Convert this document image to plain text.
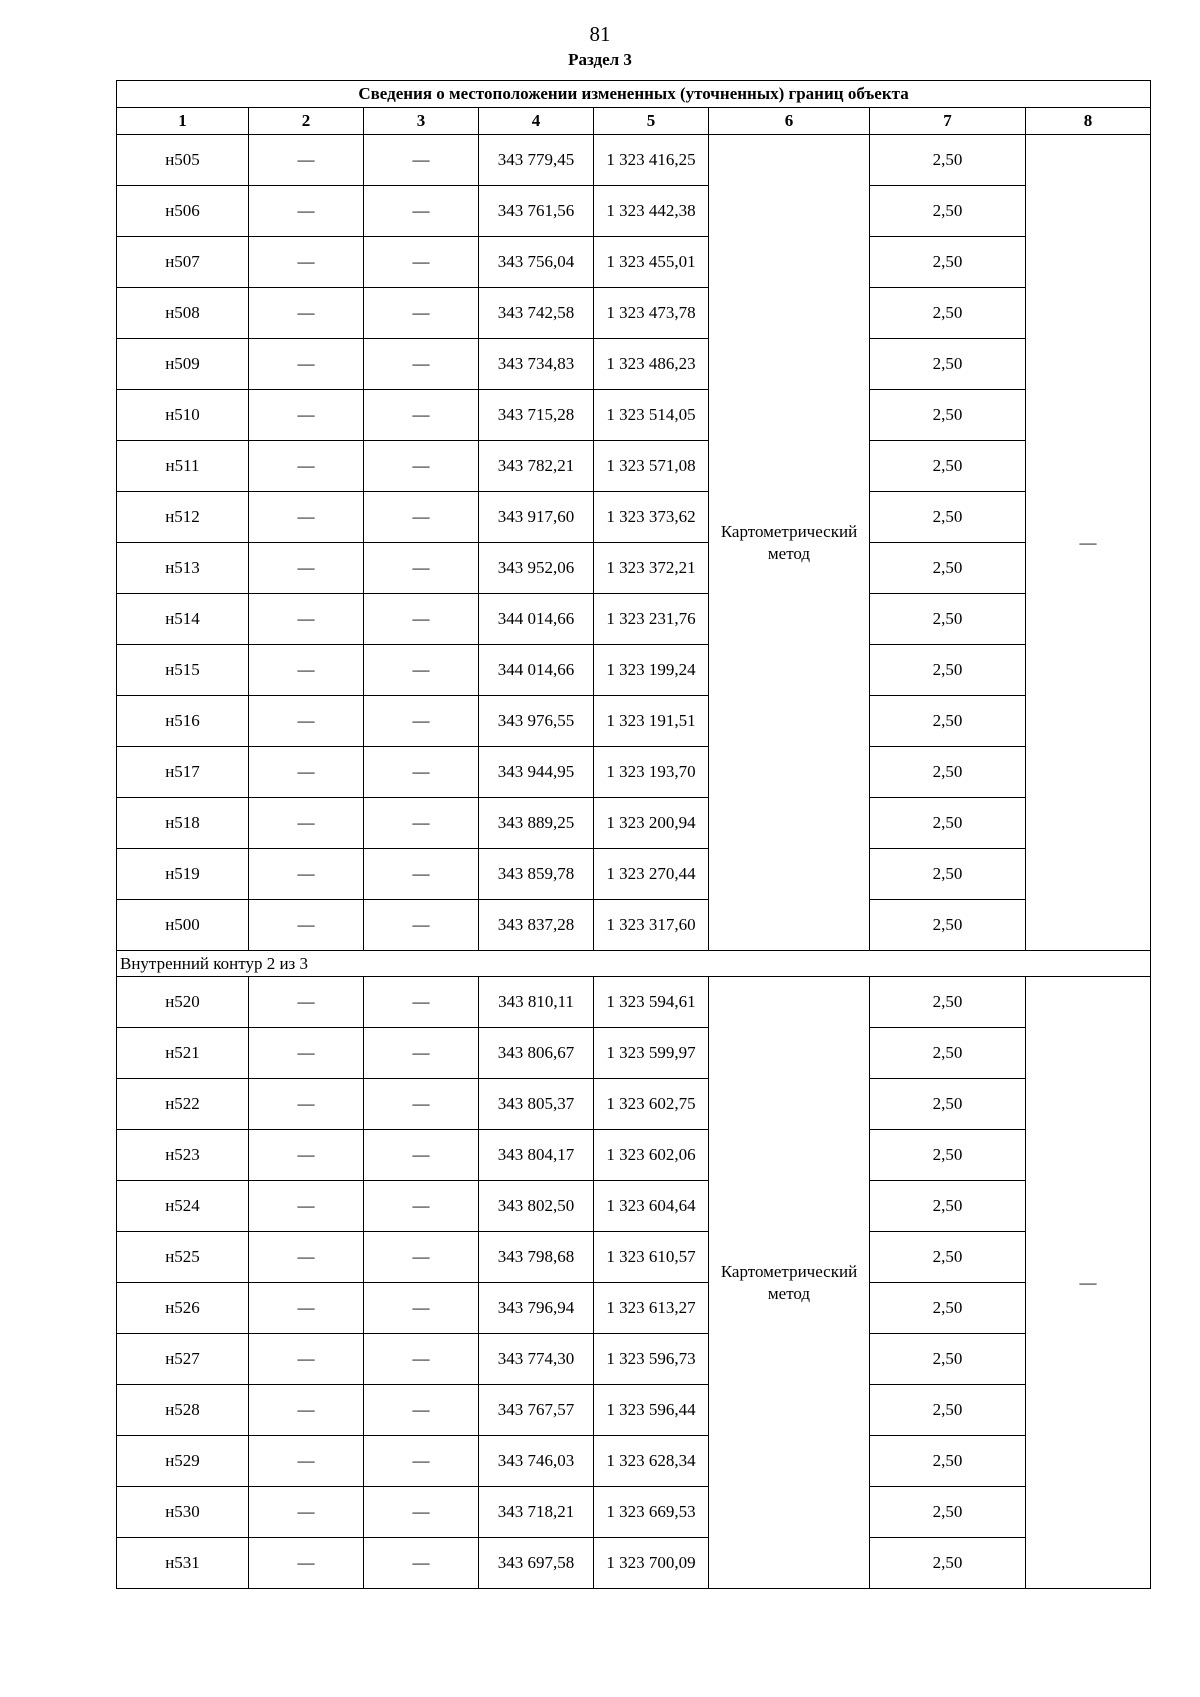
81
Раздел 3
Сведения о местоположении измененных (уточненных) границ объекта							
1	2	3	4	5	6	7	8
н505	—	—	343 779,45	1 323 416,25	Картометрический метод	2,50	—
н506	—	—	343 761,56	1 323 442,38		2,50	
н507	—	—	343 756,04	1 323 455,01		2,50	
н508	—	—	343 742,58	1 323 473,78		2,50	
н509	—	—	343 734,83	1 323 486,23		2,50	
н510	—	—	343 715,28	1 323 514,05		2,50	
н511	—	—	343 782,21	1 323 571,08		2,50	
н512	—	—	343 917,60	1 323 373,62		2,50	
н513	—	—	343 952,06	1 323 372,21		2,50	
н514	—	—	344 014,66	1 323 231,76		2,50	
н515	—	—	344 014,66	1 323 199,24		2,50	
н516	—	—	343 976,55	1 323 191,51		2,50	
н517	—	—	343 944,95	1 323 193,70		2,50	
н518	—	—	343 889,25	1 323 200,94		2,50	
н519	—	—	343 859,78	1 323 270,44		2,50	
н500	—	—	343 837,28	1 323 317,60		2,50	
Внутренний контур 2 из 3							
н520	—	—	343 810,11	1 323 594,61	Картометрический метод	2,50	—
н521	—	—	343 806,67	1 323 599,97		2,50	
н522	—	—	343 805,37	1 323 602,75		2,50	
н523	—	—	343 804,17	1 323 602,06		2,50	
н524	—	—	343 802,50	1 323 604,64		2,50	
н525	—	—	343 798,68	1 323 610,57		2,50	
н526	—	—	343 796,94	1 323 613,27		2,50	
н527	—	—	343 774,30	1 323 596,73		2,50	
н528	—	—	343 767,57	1 323 596,44		2,50	
н529	—	—	343 746,03	1 323 628,34		2,50	
н530	—	—	343 718,21	1 323 669,53		2,50	
н531	—	—	343 697,58	1 323 700,09		2,50	
